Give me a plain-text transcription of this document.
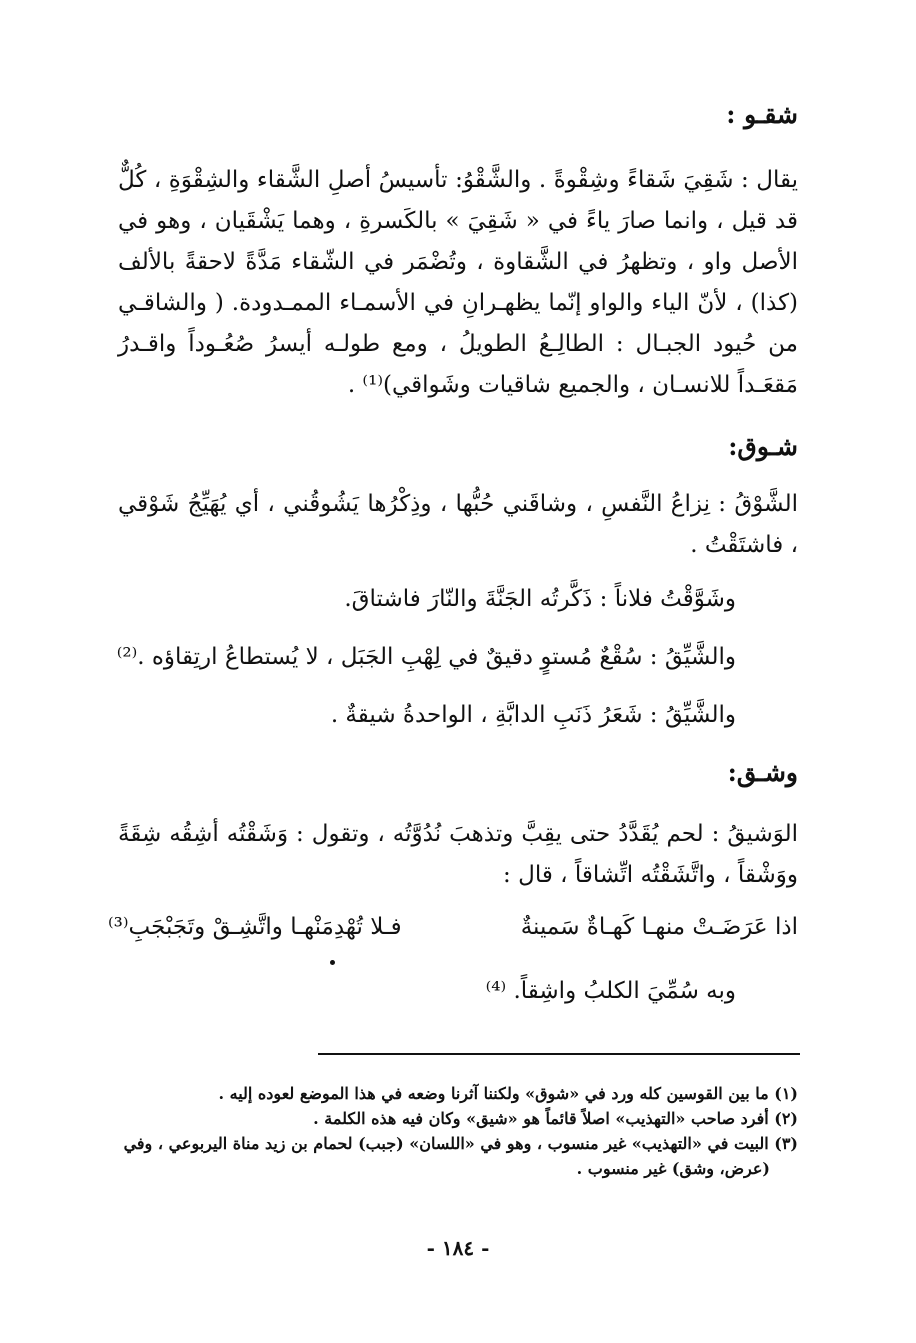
شقـو :
يقال : شَقِيَ شَقاءً وشِقْوةً . والشَّقْوُ: تأسيسُ أصلِ الشَّقاء والشِقْوَةِ ، كُلٌّ قد قيل ، وانما صارَ ياءً في « شَقِيَ » بالكَسرةِ ، وهما يَشْقَيان ، وهو في الأصل واو ، وتظهرُ في الشَّقاوة ، وتُضْمَر في الشّقاء مَدَّةً لاحقةً بالألف (كذا) ، لأنّ الياء والواو إنّما يظهـرانِ في الأسمـاء الممـدودة. ( والشاقـي من حُيود الجبـال : الطالِـعُ الطويلُ ، ومع طولـه أيسرُ صُعُـوداً واقـدرُ مَقعَـداً للانسـان ، والجميع شاقيات وشَواقي)⁽¹⁾ .
شـوق:
الشَّوْقُ : نِزاعُ النَّفسِ ، وشاقَني حُبُّها ، وذِكْرُها يَشُوقُني ، أي يُهَيِّجُ شَوْقي ، فاشتَقْتُ .
وشَوَّقْتُ فلاناً : ذَكَّرتُه الجَنَّةَ والنّارَ فاشتاقَ.
والشَّيِّقُ : سُقْعٌ مُستوٍ دقيقٌ في لِهْبِ الجَبَل ، لا يُستطاعُ ارتِقاؤه .⁽²⁾
والشَّيِّقُ : شَعَرُ ذَنَبِ الدابَّةِ ، الواحدةُ شيقةٌ .
وشـق:
الوَشيقُ : لحم يُقَدَّدُ حتى يقِبَّ وتذهبَ نُدُوَّتُه ، وتقول : وَشَقْتُه أشِقُه شِقَةً ووَشْقاً ، واتَّشَقْتُه اتِّشاقاً ، قال :
اذا عَرَضَـتْ منهـا كَهـاةٌ سَمينةٌ
فـلا تُهْدِمَنْهـا واتَّشِـقْ وتَجَبْجَبِ⁽³⁾
وبه سُمِّيَ الكلبُ واشِقاً. ⁽⁴⁾
(١) ما بين القوسين كله ورد في «شوق» ولكننا آثرنا وضعه في هذا الموضع لعوده إليه .
(٢) أفرد صاحب «التهذيب» اصلاً قائماً هو «شيق» وكان فيه هذه الكلمة .
(٣) البيت في «التهذيب» غير منسوب ، وهو في «اللسان» (جبب) لحمام بن زيد مناة اليربوعي ، وفي
(عرض، وشق) غير منسوب .
- ١٨٤ -
